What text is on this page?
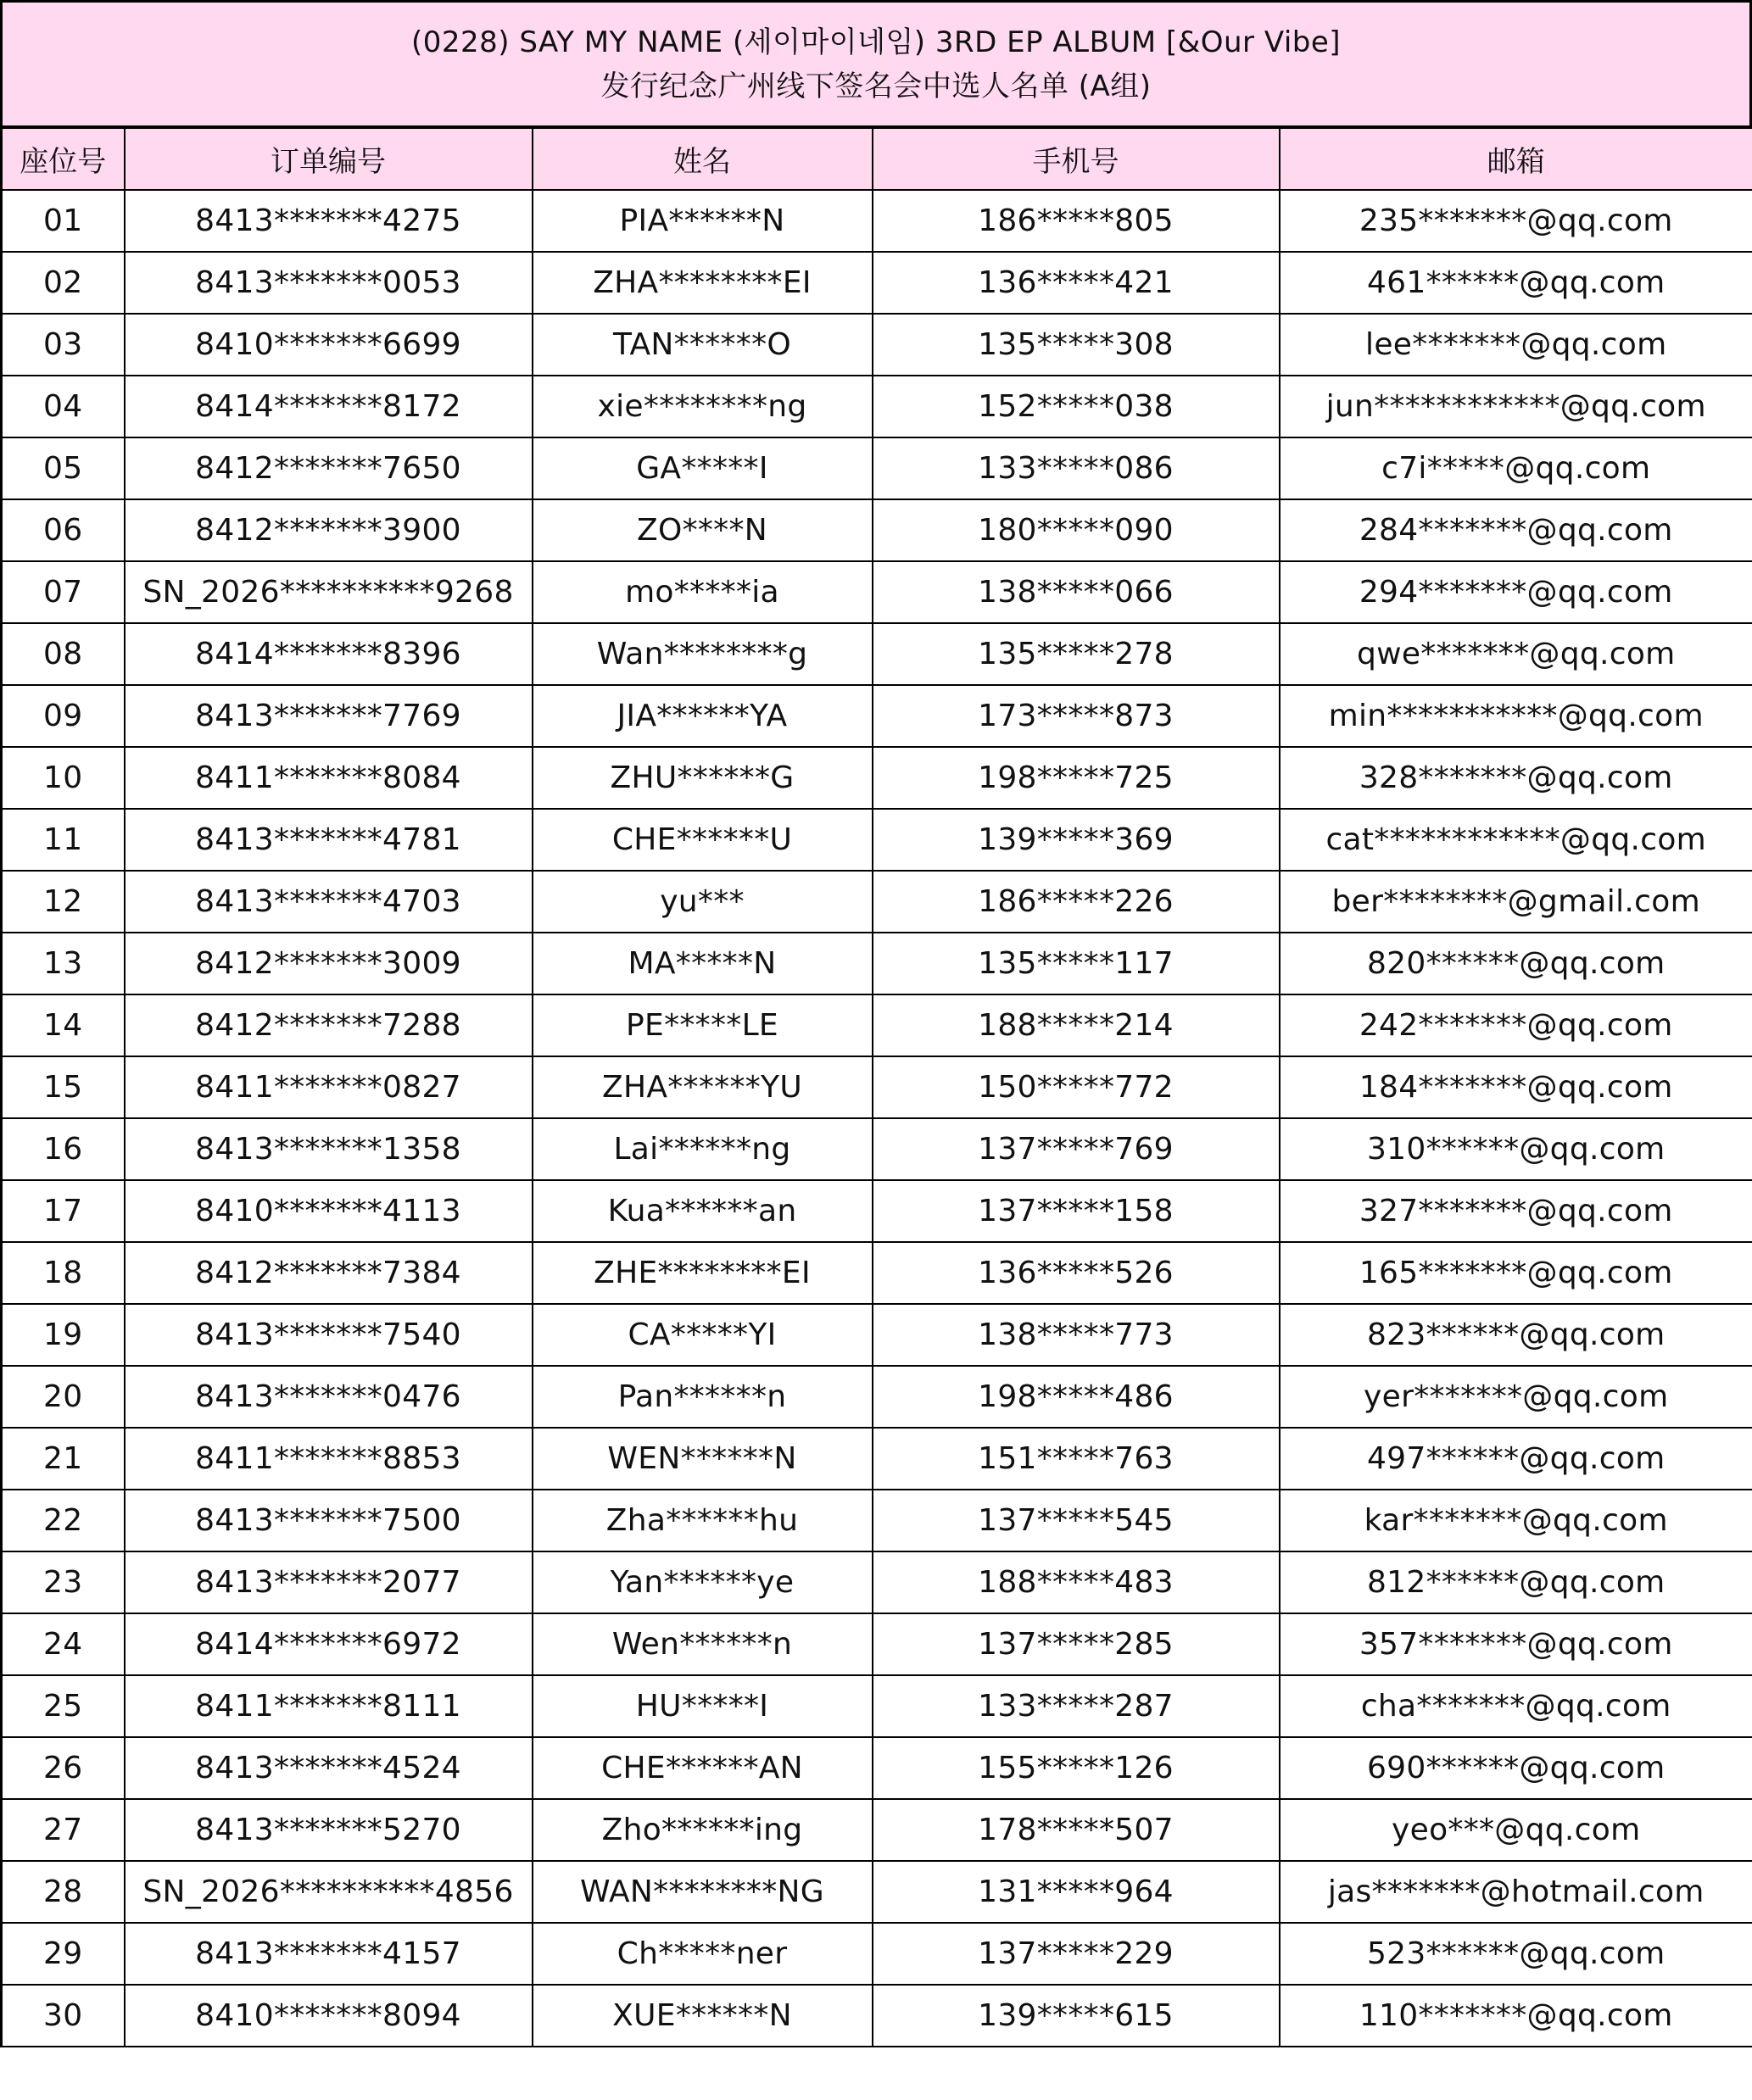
(0228) SAY MY NAME (세이마이네임) 3RD EP ALBUM [&Our Vibe]
发行纪念广州线下签名会中选人名单 (A组)
座位号	订单编号	姓名	手机号	邮箱
01	8413*******4275	PIA******N	186*****805	235*******@qq.com
02	8413*******0053	ZHA********EI	136*****421	461******@qq.com
03	8410*******6699	TAN******O	135*****308	lee*******@qq.com
04	8414*******8172	xie********ng	152*****038	jun************@qq.com
05	8412*******7650	GA*****I	133*****086	c7i*****@qq.com
06	8412*******3900	ZO****N	180*****090	284*******@qq.com
07	SN_2026**********9268	mo*****ia	138*****066	294*******@qq.com
08	8414*******8396	Wan********g	135*****278	qwe*******@qq.com
09	8413*******7769	JIA******YA	173*****873	min***********@qq.com
10	8411*******8084	ZHU******G	198*****725	328*******@qq.com
11	8413*******4781	CHE******U	139*****369	cat************@qq.com
12	8413*******4703	yu***	186*****226	ber********@gmail.com
13	8412*******3009	MA*****N	135*****117	820******@qq.com
14	8412*******7288	PE*****LE	188*****214	242*******@qq.com
15	8411*******0827	ZHA******YU	150*****772	184*******@qq.com
16	8413*******1358	Lai******ng	137*****769	310******@qq.com
17	8410*******4113	Kua******an	137*****158	327*******@qq.com
18	8412*******7384	ZHE********EI	136*****526	165*******@qq.com
19	8413*******7540	CA*****YI	138*****773	823******@qq.com
20	8413*******0476	Pan******n	198*****486	yer*******@qq.com
21	8411*******8853	WEN******N	151*****763	497******@qq.com
22	8413*******7500	Zha******hu	137*****545	kar*******@qq.com
23	8413*******2077	Yan******ye	188*****483	812******@qq.com
24	8414*******6972	Wen******n	137*****285	357*******@qq.com
25	8411*******8111	HU*****I	133*****287	cha*******@qq.com
26	8413*******4524	CHE******AN	155*****126	690******@qq.com
27	8413*******5270	Zho******ing	178*****507	yeo***@qq.com
28	SN_2026**********4856	WAN********NG	131*****964	jas*******@hotmail.com
29	8413*******4157	Ch*****ner	137*****229	523******@qq.com
30	8410*******8094	XUE******N	139*****615	110*******@qq.com
